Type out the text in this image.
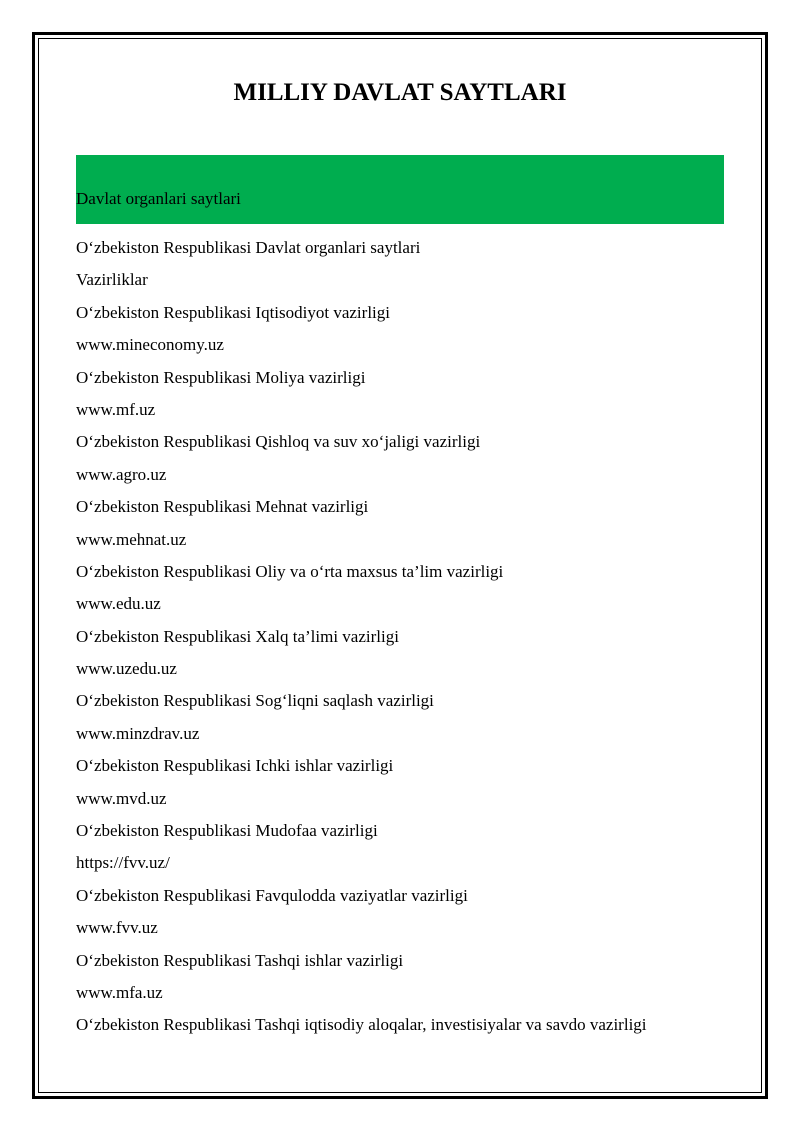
MILLIY DAVLAT SAYTLARI
Davlat organlari saytlari
O‘zbekiston Respublikasi Davlat organlari saytlari
Vazirliklar
O‘zbekiston Respublikasi Iqtisodiyot vazirligi
www.mineconomy.uz
O‘zbekiston Respublikasi Moliya vazirligi
www.mf.uz
O‘zbekiston Respublikasi Qishloq va suv xo‘jaligi vazirligi
www.agro.uz
O‘zbekiston Respublikasi Mehnat vazirligi
www.mehnat.uz
O‘zbekiston Respublikasi Oliy va o‘rta maxsus ta’lim vazirligi
www.edu.uz
O‘zbekiston Respublikasi Xalq ta’limi vazirligi
www.uzedu.uz
O‘zbekiston Respublikasi Sog‘liqni saqlash vazirligi
www.minzdrav.uz
O‘zbekiston Respublikasi Ichki ishlar vazirligi
www.mvd.uz
O‘zbekiston Respublikasi Mudofaa vazirligi
https://fvv.uz/
O‘zbekiston Respublikasi Favqulodda vaziyatlar vazirligi
www.fvv.uz
O‘zbekiston Respublikasi Tashqi ishlar vazirligi
www.mfa.uz
O‘zbekiston Respublikasi Tashqi iqtisodiy aloqalar, investisiyalar va savdo vazirligi
